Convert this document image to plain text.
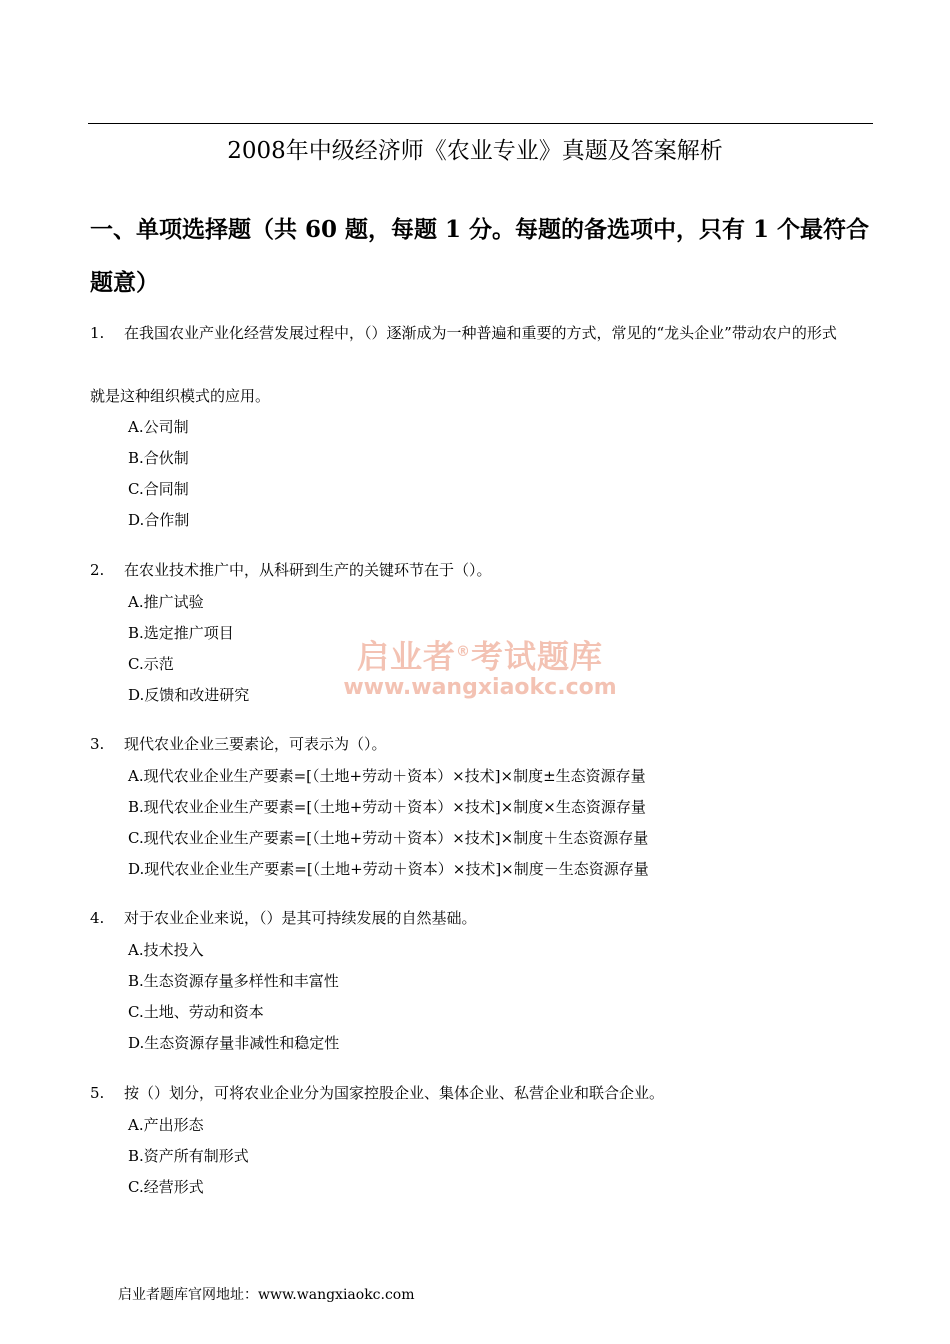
2008年中级经济师《农业专业》真题及答案解析
一、单项选择题（共 60 题，每题 1 分。每题的备选项中，只有 1 个最符合题意）
1. 在我国农业产业化经营发展过程中，（）逐渐成为一种普遍和重要的方式，常见的“龙头企业”带动农户的形式
就是这种组织模式的应用。
A.公司制
B.合伙制
C.合同制
D.合作制
2. 在农业技术推广中，从科研到生产的关键环节在于（）。
A.推广试验
B.选定推广项目
C.示范
D.反馈和改进研究
3. 现代农业企业三要素论，可表示为（）。
A.现代农业企业生产要素=[（土地+劳动＋资本）×技术]×制度±生态资源存量
B.现代农业企业生产要素=[（土地+劳动＋资本）×技术]×制度×生态资源存量
C.现代农业企业生产要素=[（土地+劳动＋资本）×技术]×制度＋生态资源存量
D.现代农业企业生产要素=[（土地+劳动＋资本）×技术]×制度－生态资源存量
4. 对于农业企业来说，（）是其可持续发展的自然基础。
A.技术投入
B.生态资源存量多样性和丰富性
C.土地、劳动和资本
D.生态资源存量非减性和稳定性
5. 按（）划分，可将农业企业分为国家控股企业、集体企业、私营企业和联合企业。
A.产出形态
B.资产所有制形式
C.经营形式
启业者®考试题库
www.wangxiaokc.com
启业者题库官网地址：www.wangxiaokc.com
